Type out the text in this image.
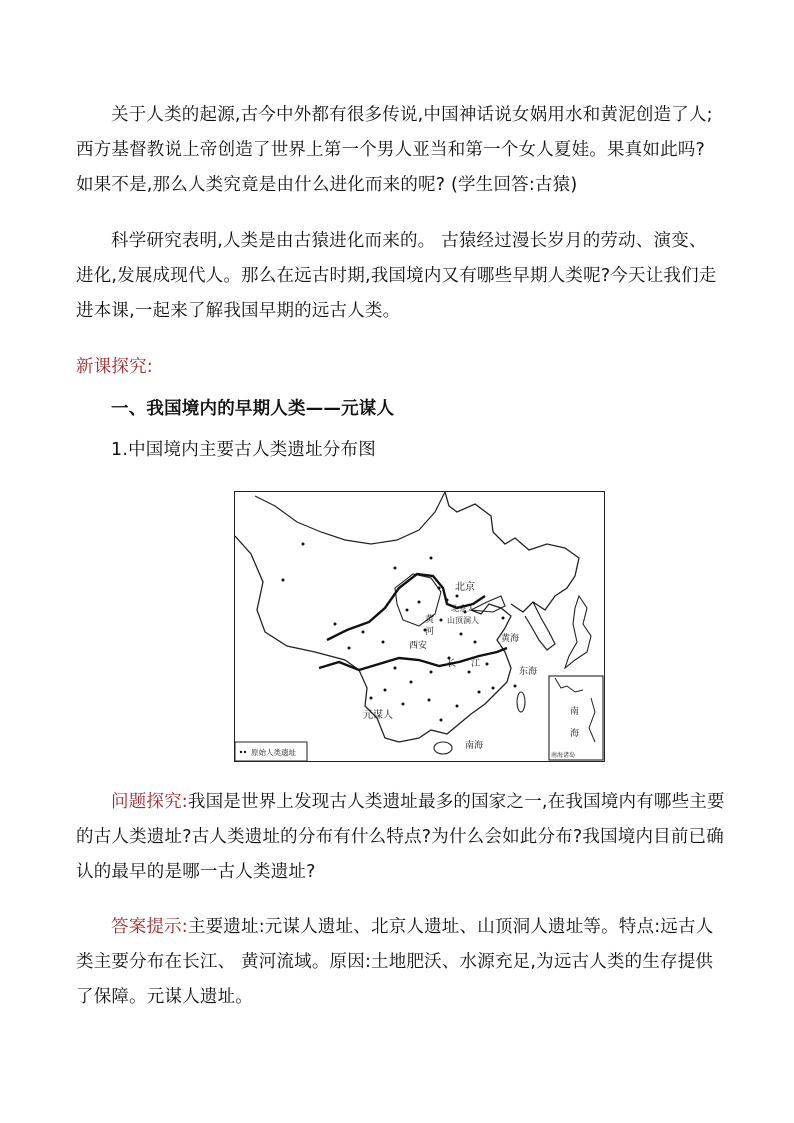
关于人类的起源,古今中外都有很多传说,中国神话说女娲用水和黄泥创造了人;西方基督教说上帝创造了世界上第一个男人亚当和第一个女人夏娃。果真如此吗? 如果不是,那么人类究竟是由什么进化而来的呢? (学生回答:古猿)

科学研究表明,人类是由古猿进化而来的。 古猿经过漫长岁月的劳动、演变、 进化,发展成现代人。那么在远古时期,我国境内又有哪些早期人类呢?今天让我们走进本课,一起来了解我国早期的远古人类。

新课探究:

一、我国境内的早期人类——元谋人

1.中国境内主要古人类遗址分布图

北京
北京人
山顶洞人
黄
河
西安
黄海
长 江
东海
元谋人
南海
南
海
南海诸岛
原始人类遗址

问题探究:我国是世界上发现古人类遗址最多的国家之一,在我国境内有哪些主要的古人类遗址?古人类遗址的分布有什么特点?为什么会如此分布?我国境内目前已确认的最早的是哪一古人类遗址?

答案提示:主要遗址:元谋人遗址、北京人遗址、山顶洞人遗址等。特点:远古人类主要分布在长江、 黄河流域。原因:土地肥沃、水源充足,为远古人类的生存提供了保障。元谋人遗址。
